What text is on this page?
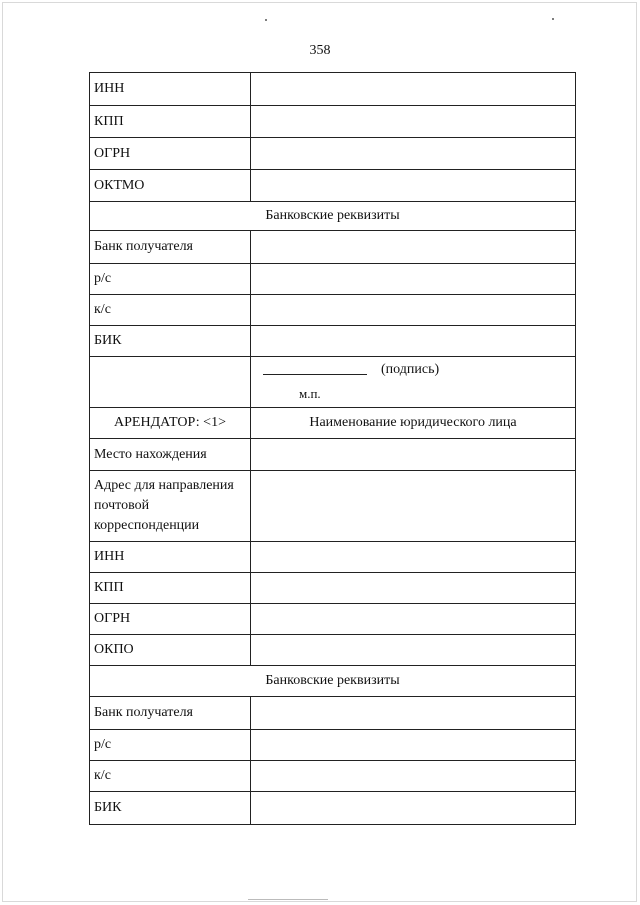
358
ИНН	
КПП	
ОГРН	
ОКТМО	
Банковские реквизиты	
Банк получателя	
р/с	
к/с	
БИК	
	(подпись)
м.п.

АРЕНДАТОР: <1>	Наименование юридического лица
Место нахождения	
Адрес для направления
почтовой
корреспонденции	
ИНН	
КПП	
ОГРН	
ОКПО	
Банковские реквизиты	
Банк получателя	
р/с	
к/с	
БИК	
